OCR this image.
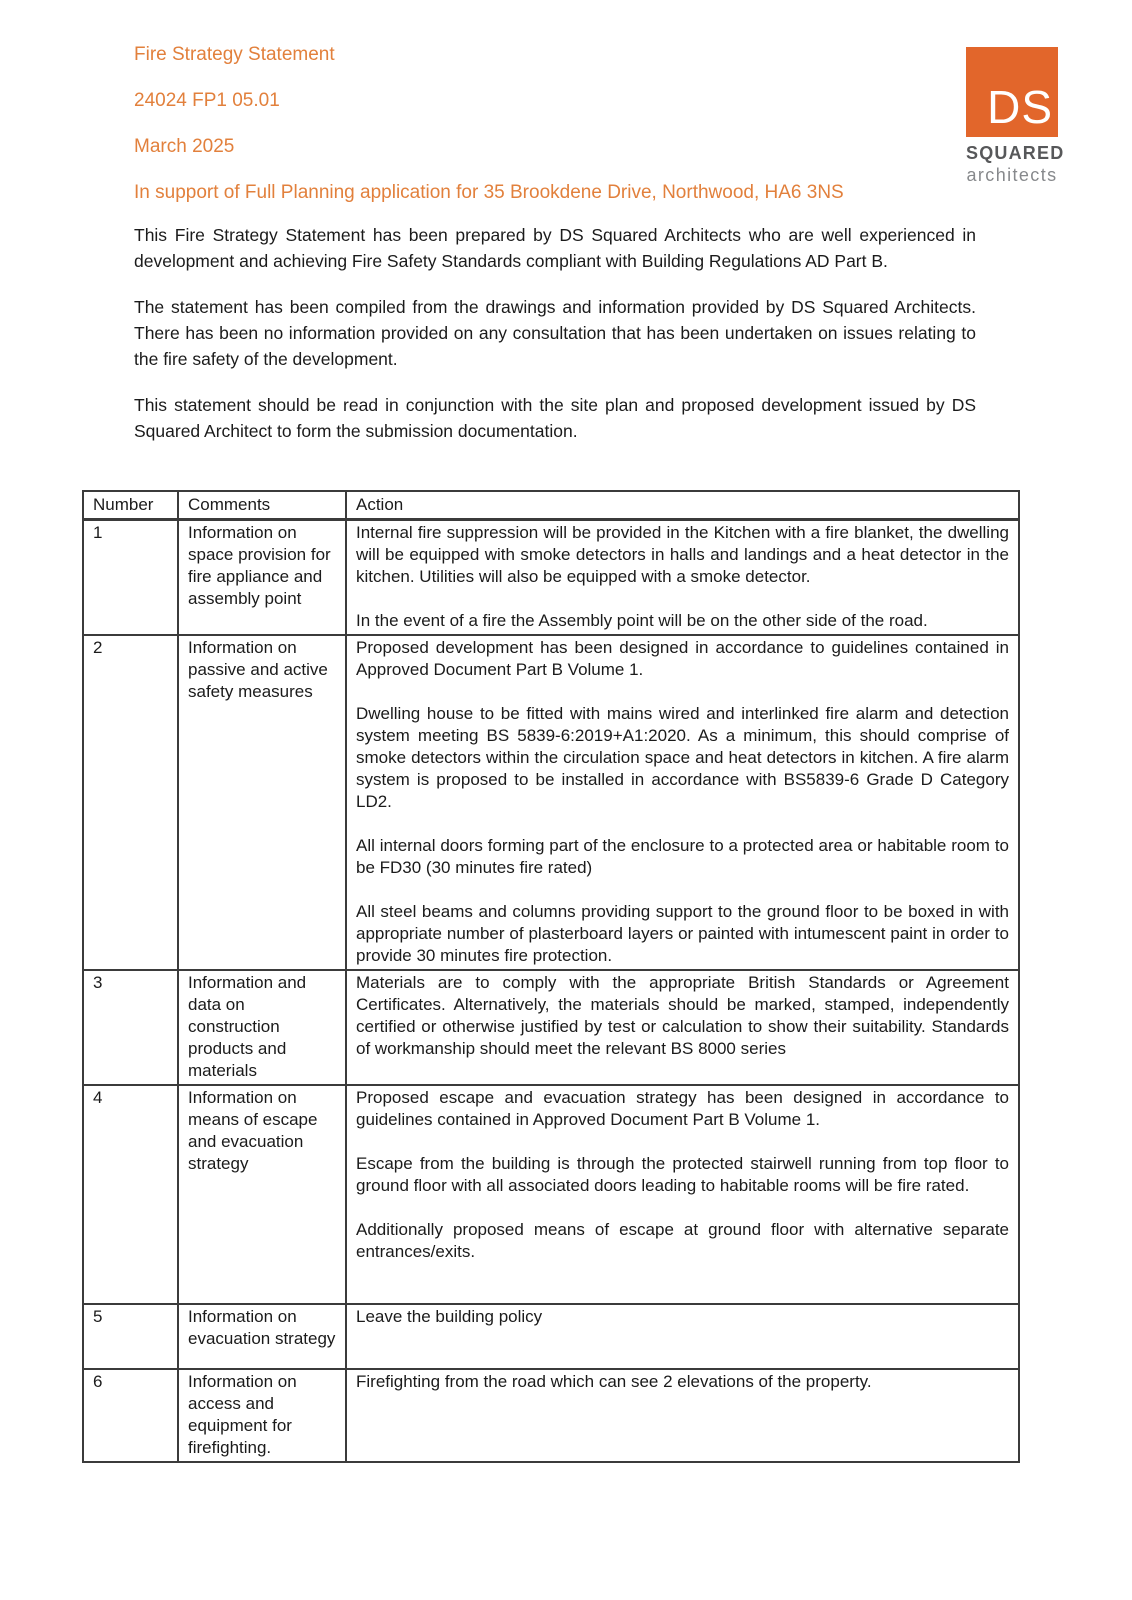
Fire Strategy Statement

24024 FP1 05.01

March 2025

In support of Full Planning application for 35 Brookdene Drive, Northwood, HA6 3NS

DS
SQUARED
architects

This Fire Strategy Statement has been prepared by DS Squared Architects who are well experienced in development and achieving Fire Safety Standards compliant with Building Regulations AD Part B.

The statement has been compiled from the drawings and information provided by DS Squared Architects. There has been no information provided on any consultation that has been undertaken on issues relating to the fire safety of the development.

This statement should be read in conjunction with the site plan and proposed development issued by DS Squared Architect to form the submission documentation.

Number	Comments	Action
1	Information on space provision for fire appliance and assembly point	Internal fire suppression will be provided in the Kitchen with a fire blanket, the dwelling will be equipped with smoke detectors in halls and landings and a heat detector in the kitchen. Utilities will also be equipped with a smoke detector.

In the event of a fire the Assembly point will be on the other side of the road.

2	Information on passive and active safety measures	Proposed development has been designed in accordance to guidelines contained in Approved Document Part B Volume 1.

Dwelling house to be fitted with mains wired and interlinked fire alarm and detection system meeting BS 5839-6:2019+A1:2020. As a minimum, this should comprise of smoke detectors within the circulation space and heat detectors in kitchen. A fire alarm system is proposed to be installed in accordance with BS5839-6 Grade D Category LD2.

All internal doors forming part of the enclosure to a protected area or habitable room to be FD30 (30 minutes fire rated)

All steel beams and columns providing support to the ground floor to be boxed in with appropriate number of plasterboard layers or painted with intumescent paint in order to provide 30 minutes fire protection.

3	Information and data on construction products and materials	Materials are to comply with the appropriate British Standards or Agreement Certificates. Alternatively, the materials should be marked, stamped, independently certified or otherwise justified by test or calculation to show their suitability. Standards of workmanship should meet the relevant BS 8000 series

4	Information on means of escape and evacuation strategy	Proposed escape and evacuation strategy has been designed in accordance to guidelines contained in Approved Document Part B Volume 1.

Escape from the building is through the protected stairwell running from top floor to ground floor with all associated doors leading to habitable rooms will be fire rated.

Additionally proposed means of escape at ground floor with alternative separate entrances/exits.

5	Information on evacuation strategy	Leave the building policy

6	Information on access and equipment for firefighting.	Firefighting from the road which can see 2 elevations of the property.
